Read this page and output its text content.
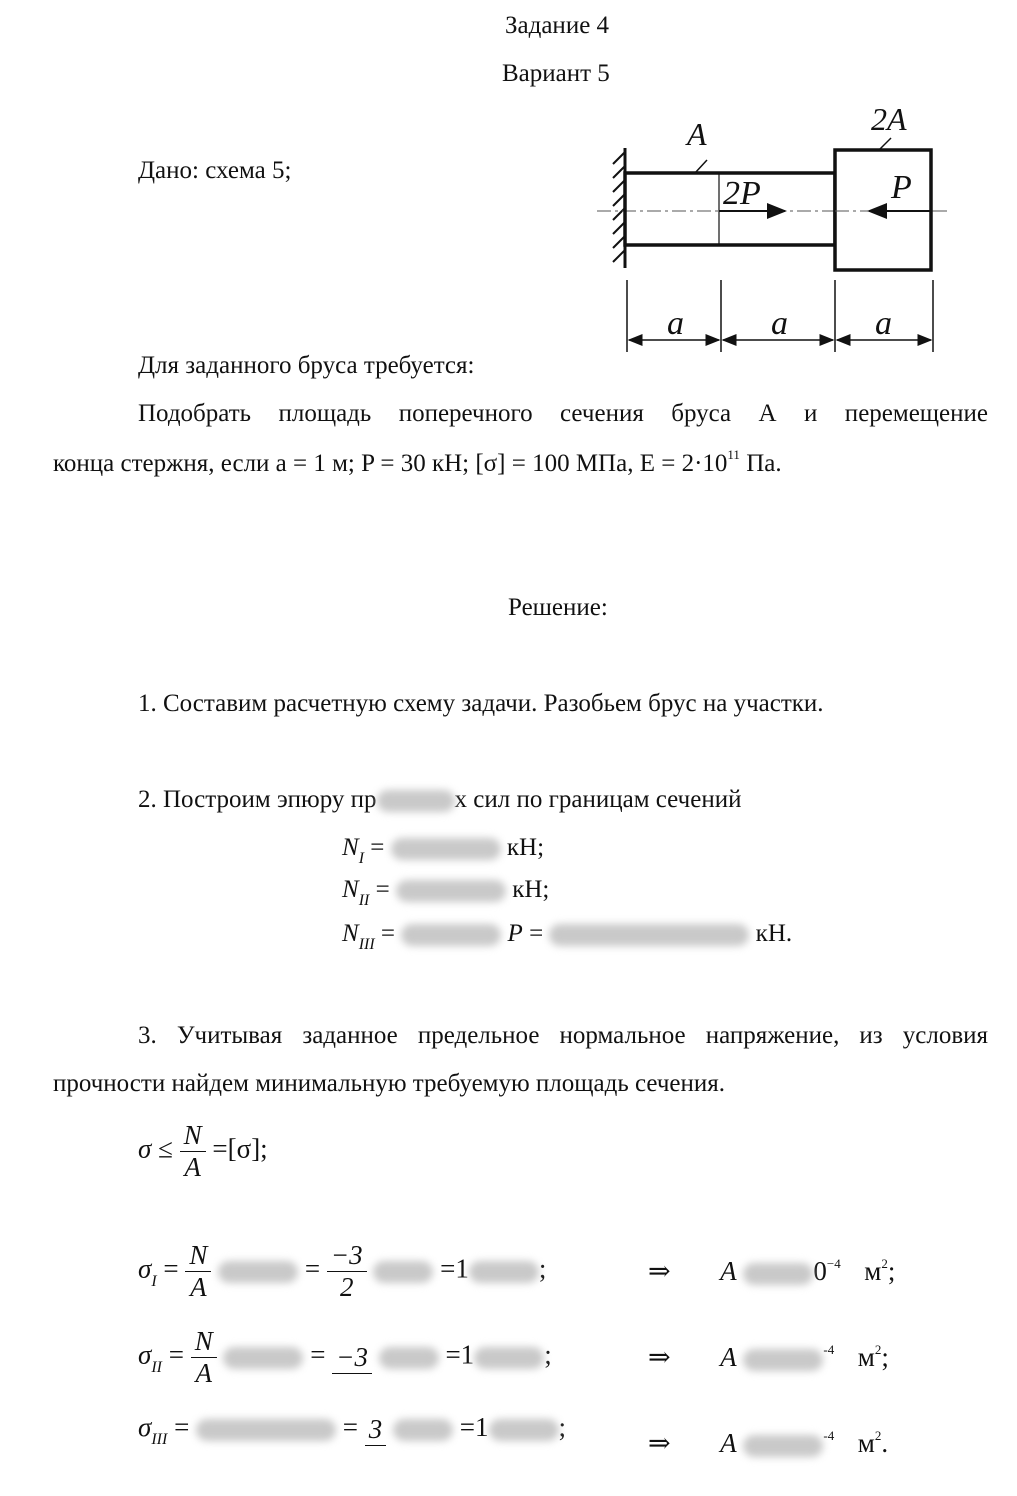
Задание 4
Вариант 5
Дано: схема 5;
2P	P
A	2A
a	a	a
Для заданного бруса требуется:
Подобрать площадь поперечного сечения бруса А и перемещение
конца стержня, если a = 1 м; P = 30 кН; [σ] = 100 МПа, $E = 2\cdot 10^{11}$ Па.
Решение:
1. Составим расчетную схему задачи. Разобьем брус на участки.
2. Построим эпюру пр	х сил по границам сечений
$N_I$ =	кН;
$N_{II}$ =	кН;
$N_{III}$ =	P =	кН.
3. Учитывая заданное предельное нормальное напряжение, из условия
прочности найдем минимальную требуемую площадь сечения.
$\sigma \le \frac{N}{A} =[\sigma]$;
$\sigma_I = \frac{N}{A}$	= $\frac{-3}{2}$	=1	;	⇒ A	$0^{-4}$ $м^2$;
$\sigma_{II} = \frac{N}{A}$	= −3	=1	;	⇒ A	$^{-4}$ $м^2$;
$\sigma_{III}$ =	= 3	=1	;
⇒ A	$^{-4}$ $м^2$.
